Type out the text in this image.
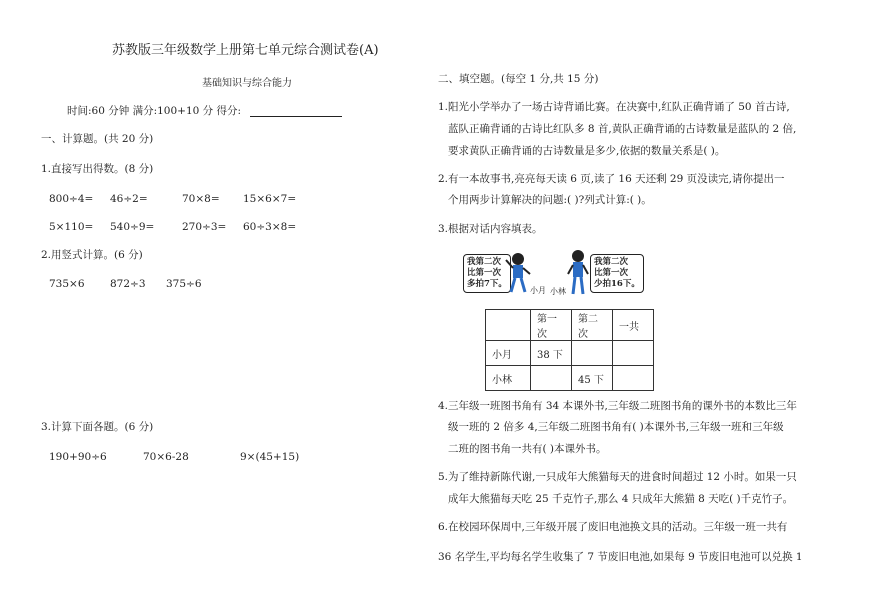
苏教版三年级数学上册第七单元综合测试卷(A)
基础知识与综合能力
时间:60 分钟 满分:100+10 分 得分:
一、计算题。(共 20 分)
1.直接写出得数。(8 分)
800÷4= 46÷2=	70×8= 15×6×7=
5×110= 540÷9=	270÷3= 60÷3×8=
2.用竖式计算。(6 分)
735×6 872÷3 375÷6
3.计算下面各题。(6 分)
190+90÷6	70×6-28	9×(45+15)
二、填空题。(每空 1 分,共 15 分)
1.阳光小学举办了一场古诗背诵比赛。在决赛中,红队正确背诵了 50 首古诗,
蓝队正确背诵的古诗比红队多 8 首,黄队正确背诵的古诗数量是蓝队的 2 倍,
要求黄队正确背诵的古诗数量是多少,依据的数量关系是( )。
2.有一本故事书,亮亮每天读 6 页,读了 16 天还剩 29 页没读完,请你提出一
个用两步计算解决的问题:( )?列式计算:( )。
3.根据对话内容填表。
我第二次
比第一次
多拍7下。
小月 小林
我第二次
比第一次
少拍16下。
	第一次	第二次	一共
小月	38 下		
小林		45 下	
4.三年级一班图书角有 34 本课外书,三年级二班图书角的课外书的本数比三年
级一班的 2 倍多 4,三年级二班图书角有( )本课外书,三年级一班和三年级
二班的图书角一共有( )本课外书。
5.为了维持新陈代谢,一只成年大熊猫每天的进食时间超过 12 小时。如果一只
成年大熊猫每天吃 25 千克竹子,那么 4 只成年大熊猫 8 天吃( )千克竹子。
6.在校园环保周中,三年级开展了废旧电池换文具的活动。三年级一班一共有
36 名学生,平均每名学生收集了 7 节废旧电池,如果每 9 节废旧电池可以兑换 1
